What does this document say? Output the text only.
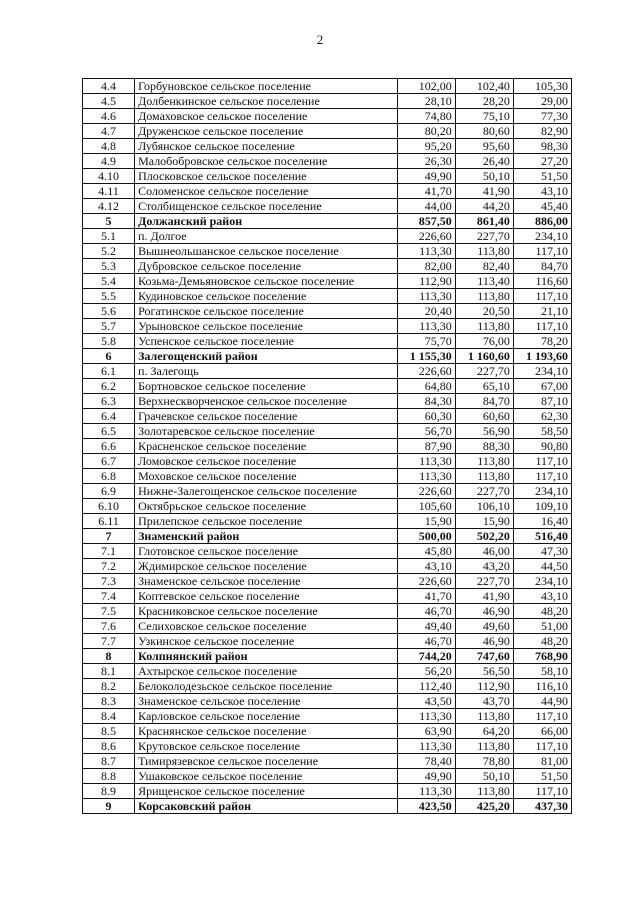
2
4.4	Горбуновское сельское поселение	102,00	102,40	105,30
4.5	Долбенкинское сельское поселение	28,10	28,20	29,00
4.6	Домаховское сельское поселение	74,80	75,10	77,30
4.7	Друженское сельское поселение	80,20	80,60	82,90
4.8	Лубянское сельское поселение	95,20	95,60	98,30
4.9	Малобобровское сельское поселение	26,30	26,40	27,20
4.10	Плосковское сельское поселение	49,90	50,10	51,50
4.11	Соломенское сельское поселение	41,70	41,90	43,10
4.12	Столбищенское сельское поселение	44,00	44,20	45,40
5	Должанский район	857,50	861,40	886,00
5.1	п. Долгое	226,60	227,70	234,10
5.2	Вышнеольшанское сельское поселение	113,30	113,80	117,10
5.3	Дубровское сельское поселение	82,00	82,40	84,70
5.4	Козьма-Демьяновское сельское поселение	112,90	113,40	116,60
5.5	Кудиновское сельское поселение	113,30	113,80	117,10
5.6	Рогатинское сельское поселение	20,40	20,50	21,10
5.7	Урыновское сельское поселение	113,30	113,80	117,10
5.8	Успенское сельское поселение	75,70	76,00	78,20
6	Залегощенский район	1 155,30	1 160,60	1 193,60
6.1	п. Залегощь	226,60	227,70	234,10
6.2	Бортновское сельское поселение	64,80	65,10	67,00
6.3	Верхнескворченское сельское поселение	84,30	84,70	87,10
6.4	Грачевское сельское поселение	60,30	60,60	62,30
6.5	Золотаревское сельское поселение	56,70	56,90	58,50
6.6	Красненское сельское поселение	87,90	88,30	90,80
6.7	Ломовское сельское поселение	113,30	113,80	117,10
6.8	Моховское сельское поселение	113,30	113,80	117,10
6.9	Нижне-Залегощенское сельское поселение	226,60	227,70	234,10
6.10	Октябрьское сельское поселение	105,60	106,10	109,10
6.11	Прилепское сельское поселение	15,90	15,90	16,40
7	Знаменский район	500,00	502,20	516,40
7.1	Глотовское сельское поселение	45,80	46,00	47,30
7.2	Ждимирское сельское поселение	43,10	43,20	44,50
7.3	Знаменское сельское поселение	226,60	227,70	234,10
7.4	Коптевское сельское поселение	41,70	41,90	43,10
7.5	Красниковское сельское поселение	46,70	46,90	48,20
7.6	Селиховское сельское поселение	49,40	49,60	51,00
7.7	Узкинское сельское поселение	46,70	46,90	48,20
8	Колпнянский район	744,20	747,60	768,90
8.1	Ахтырское сельское поселение	56,20	56,50	58,10
8.2	Белоколодезьское сельское поселение	112,40	112,90	116,10
8.3	Знаменское сельское поселение	43,50	43,70	44,90
8.4	Карловское сельское поселение	113,30	113,80	117,10
8.5	Краснянское сельское поселение	63,90	64,20	66,00
8.6	Крутовское сельское поселение	113,30	113,80	117,10
8.7	Тимирязевское сельское поселение	78,40	78,80	81,00
8.8	Ушаковское сельское поселение	49,90	50,10	51,50
8.9	Ярищенское сельское поселение	113,30	113,80	117,10
9	Корсаковский район	423,50	425,20	437,30
